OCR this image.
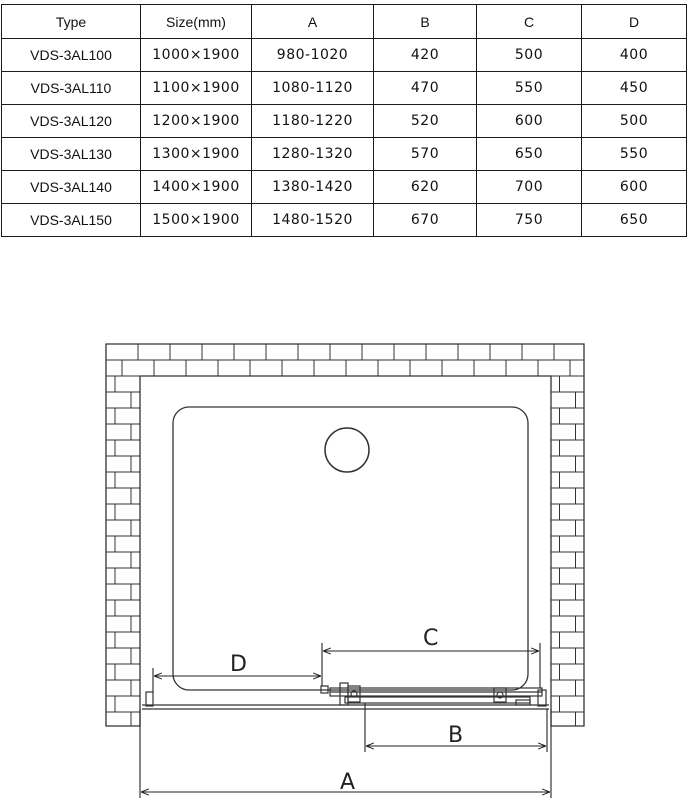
Type	Size(mm)	A	B	C	D
VDS-3AL100	1000×1900	980-1020	420	500	400
VDS-3AL110	1100×1900	1080-1120	470	550	450
VDS-3AL120	1200×1900	1180-1220	520	600	500
VDS-3AL130	1300×1900	1280-1320	570	650	550
VDS-3AL140	1400×1900	1380-1420	620	700	600
VDS-3AL150	1500×1900	1480-1520	670	750	650
C
D
B
A
